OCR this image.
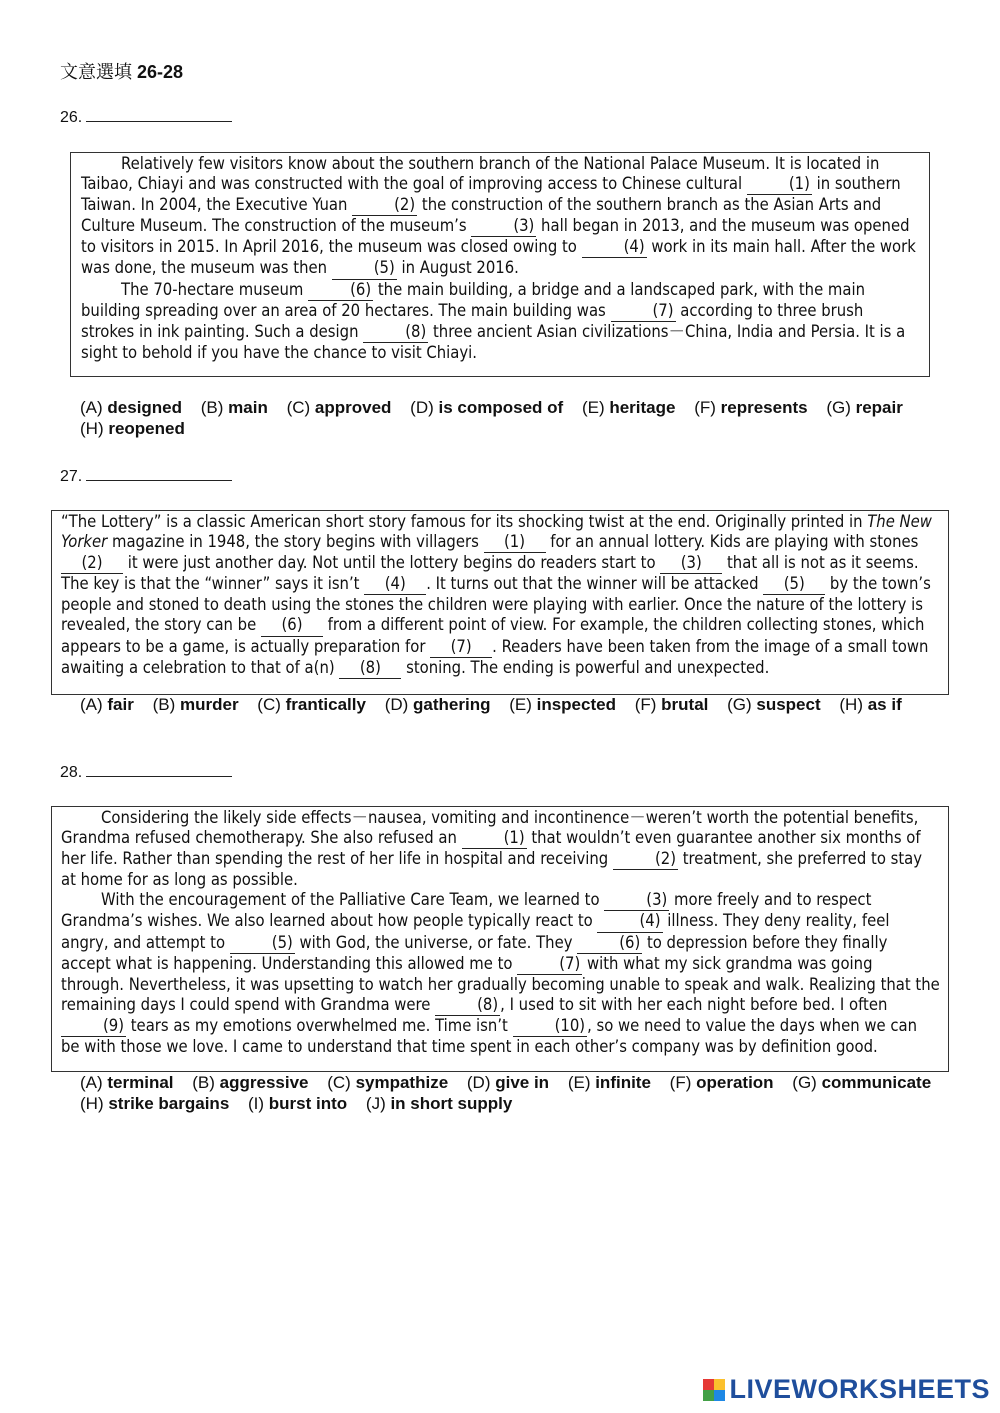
文意選填 26-28
26.

Relatively few visitors know about the southern branch of the National Palace Museum. It is located in Taibao, Chiayi and was constructed with the goal of improving access to Chinese cultural	(1) in southern Taiwan. In 2004, the Executive Yuan	(2) the construction of the southern branch as the Asian Arts and Culture Museum. The construction of the museum’s	(3) hall began in 2013, and the museum was opened to visitors in 2015. In April 2016, the museum was closed owing to	(4) work in its main hall. After the work was done, the museum was then	(5) in August 2016.

The 70-hectare museum	(6) the main building, a bridge and a landscaped park, with the main building spreading over an area of 20 hectares. The main building was	(7) according to three brush strokes in ink painting. Such a design	(8) three ancient Asian civilizations－China, India and Persia. It is a sight to behold if you have the chance to visit Chiayi.

(A) designed (B) main (C) approved (D) is composed of (E) heritage (F) represents (G) repair (H) reopened
27.

“The Lottery” is a classic American short story famous for its shocking twist at the end. Originally printed in The New Yorker magazine in 1948, the story begins with villagers (1) for an annual lottery. Kids are playing with stones (2) it were just another day. Not until the lottery begins do readers start to (3) that all is not as it seems. The key is that the “winner” says it isn’t (4) . It turns out that the winner will be attacked (5) by the town’s people and stoned to death using the stones the children were playing with earlier. Once the nature of the lottery is revealed, the story can be (6) from a different point of view. For example, the children collecting stones, which appears to be a game, is actually preparation for (7) . Readers have been taken from the image of a small town awaiting a celebration to that of a(n) (8) stoning. The ending is powerful and unexpected.

(A) fair (B) murder (C) frantically (D) gathering (E) inspected (F) brutal (G) suspect (H) as if
28.

Considering the likely side effects－nausea, vomiting and incontinence－weren’t worth the potential benefits, Grandma refused chemotherapy. She also refused an	(1) that wouldn’t even guarantee another six months of her life. Rather than spending the rest of her life in hospital and receiving	(2) treatment, she preferred to stay at home for as long as possible.

With the encouragement of the Palliative Care Team, we learned to	(3) more freely and to respect Grandma’s wishes. We also learned about how people typically react to	(4) illness. They deny reality, feel angry, and attempt to	(5) with God, the universe, or fate. They	(6) to depression before they finally accept what is happening. Understanding this allowed me to	(7) with what my sick grandma was going through. Nevertheless, it was upsetting to watch her gradually becoming unable to speak and walk. Realizing that the remaining days I could spend with Grandma were	(8) , I used to sit with her each night before bed. I often (9) tears as my emotions overwhelmed me. Time isn’t	(10) , so we need to value the days when we can be with those we love. I came to understand that time spent in each other’s company was by definition good.

(A) terminal (B) aggressive (C) sympathize (D) give in (E) infinite (F) operation (G) communicate (H) strike bargains (I) burst into (J) in short supply
LIVEWORKSHEETS
